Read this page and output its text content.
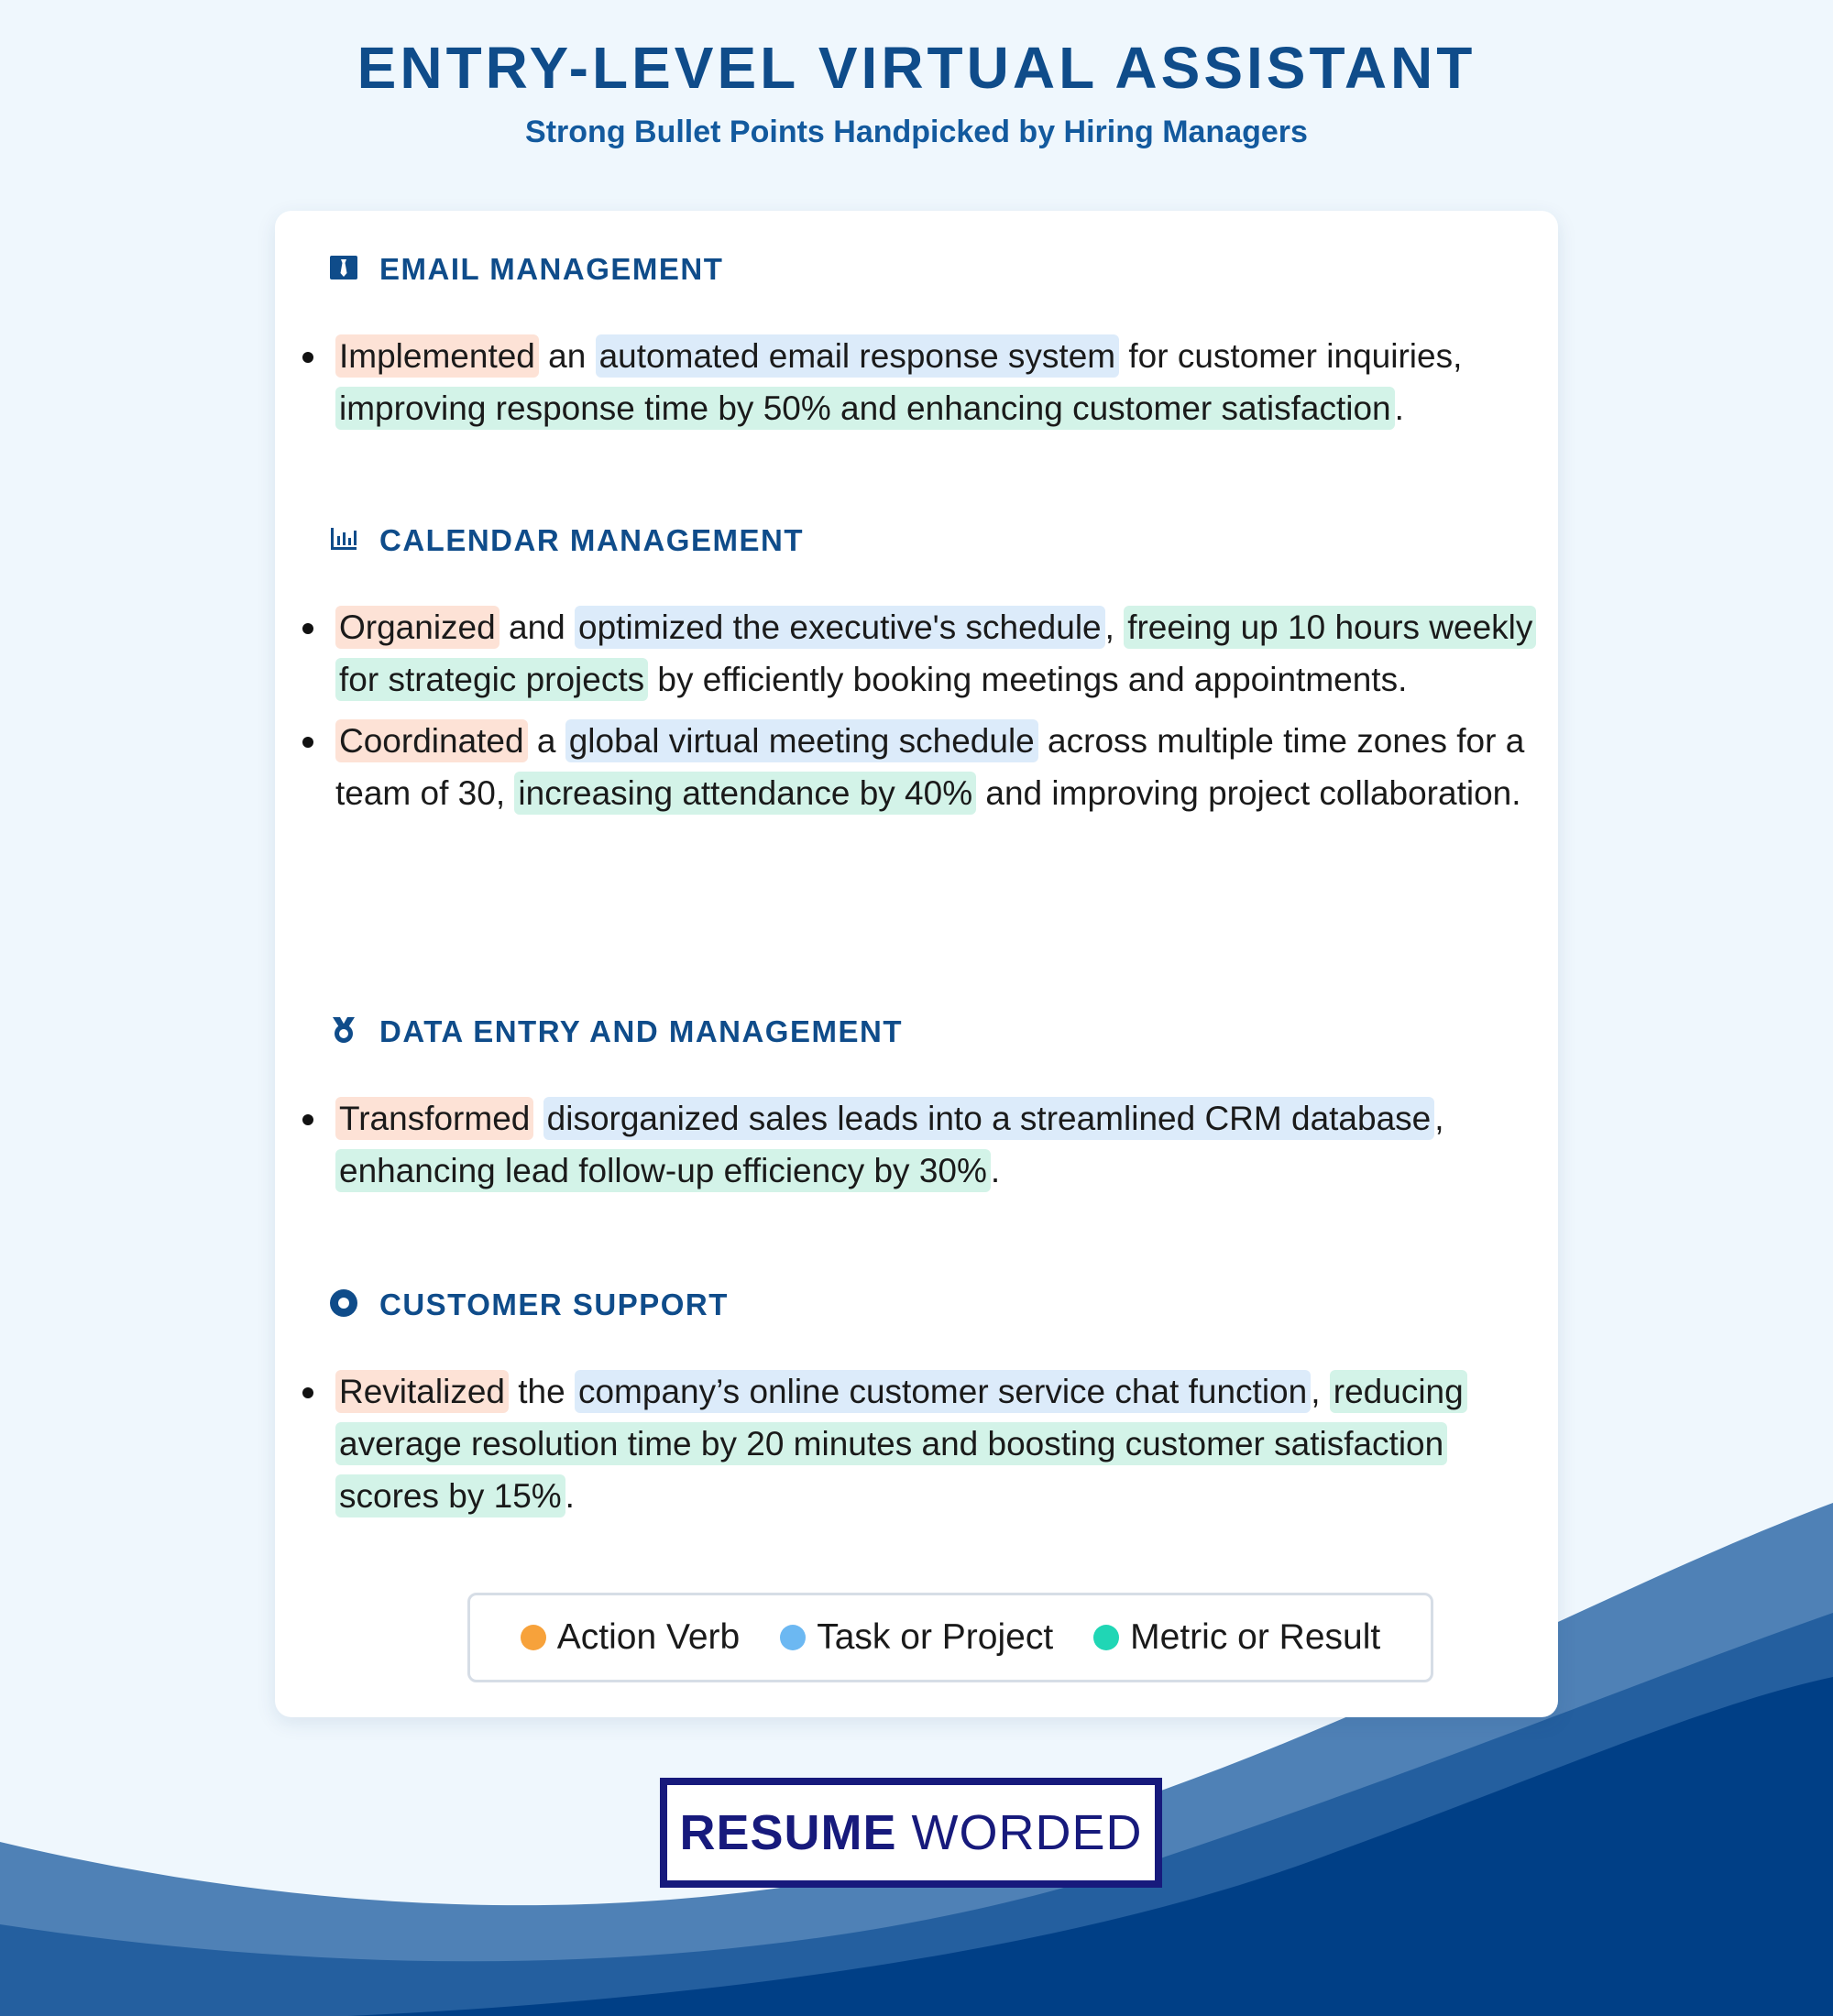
ENTRY-LEVEL VIRTUAL ASSISTANT

Strong Bullet Points Handpicked by Hiring Managers

EMAIL MANAGEMENT
Implemented an automated email response system for customer inquiries, improving response time by 50% and enhancing customer satisfaction .
CALENDAR MANAGEMENT
Organized and optimized the executive's schedule , freeing up 10 hours weekly for strategic projects by efficiently booking meetings and appointments.
Coordinated a global virtual meeting schedule across multiple time zones for a team of 30, increasing attendance by 40% and improving project collaboration.
DATA ENTRY AND MANAGEMENT
Transformed disorganized sales leads into a streamlined CRM database , enhancing lead follow-up efficiency by 30% .
CUSTOMER SUPPORT
Revitalized the company’s online customer service chat function , reducing average resolution time by 20 minutes and boosting customer satisfaction scores by 15% .
Action Verb Task or Project Metric or Result
RESUME WORDED
